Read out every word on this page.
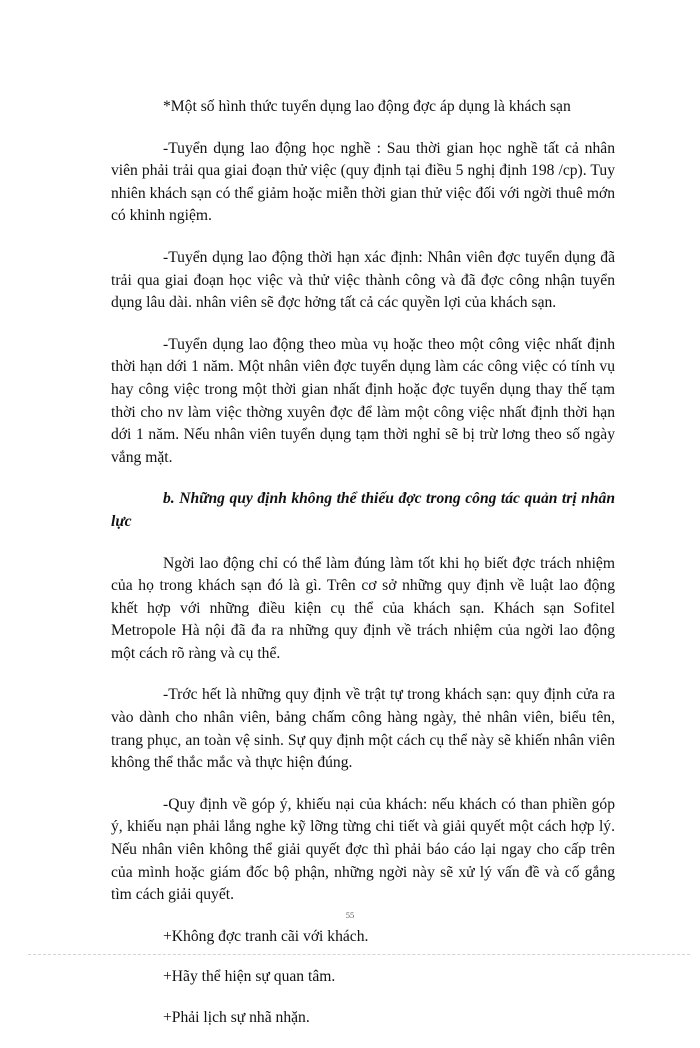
*Một số hình thức tuyển dụng lao động đợc áp dụng là khách sạn

-Tuyển dụng lao động học nghề : Sau thời gian học nghề tất cả nhân viên phải trải qua giai đoạn thử việc (quy định tại điều 5 nghị định 198 /cp). Tuy nhiên khách sạn có thể giảm hoặc miễn thời gian thử việc đối với ngời thuê mớn có khinh ngiệm.

-Tuyển dụng lao động thời hạn xác định: Nhân viên đợc tuyển dụng đã trải qua giai đoạn học việc và thử việc thành công và đã đợc công nhận tuyển dụng lâu dài. nhân viên sẽ đợc hởng tất cả các quyền lợi của khách sạn.

-Tuyển dụng lao động theo mùa vụ hoặc theo một công việc nhất định thời hạn dới 1 năm. Một nhân viên đợc tuyển dụng làm các công việc có tính vụ hay công việc trong một thời gian nhất định hoặc đợc tuyển dụng thay thế tạm thời cho nv làm việc thờng xuyên đợc để làm một công việc nhất định thời hạn dới 1 năm. Nếu nhân viên tuyển dụng tạm thời nghỉ sẽ bị trừ lơng theo số ngày vắng mặt.

b. Những quy định không thể thiếu đợc trong công tác quản trị nhân lực

Ngời lao động chỉ có thể làm đúng làm tốt khi họ biết đợc trách nhiệm của họ trong khách sạn đó là gì. Trên cơ sở những quy định về luật lao động khết hợp với những điều kiện cụ thể của khách sạn. Khách sạn Sofitel Metropole Hà nội đã đa ra những quy định về trách nhiệm của ngời lao động một cách rõ ràng và cụ thể.

-Trớc hết là những quy định về trật tự trong khách sạn: quy định cửa ra vào dành cho nhân viên, bảng chấm công hàng ngày, thẻ nhân viên, biểu tên, trang phục, an toàn vệ sinh. Sự quy định một cách cụ thể này sẽ khiến nhân viên không thể thắc mắc và thực hiện đúng.

-Quy định về góp ý, khiếu nại của khách: nếu khách có than phiền góp ý, khiếu nạn phải lắng nghe kỹ lỡng từng chi tiết và giải quyết một cách hợp lý. Nếu nhân viên không thể giải quyết đợc thì phải báo cáo lại ngay cho cấp trên của mình hoặc giám đốc bộ phận, những ngời này sẽ xử lý vấn đề và cố gắng tìm cách giải quyết.

+Không đợc tranh cãi với khách.

+Hãy thể hiện sự quan tâm.

+Phải lịch sự nhã nhặn.

55
